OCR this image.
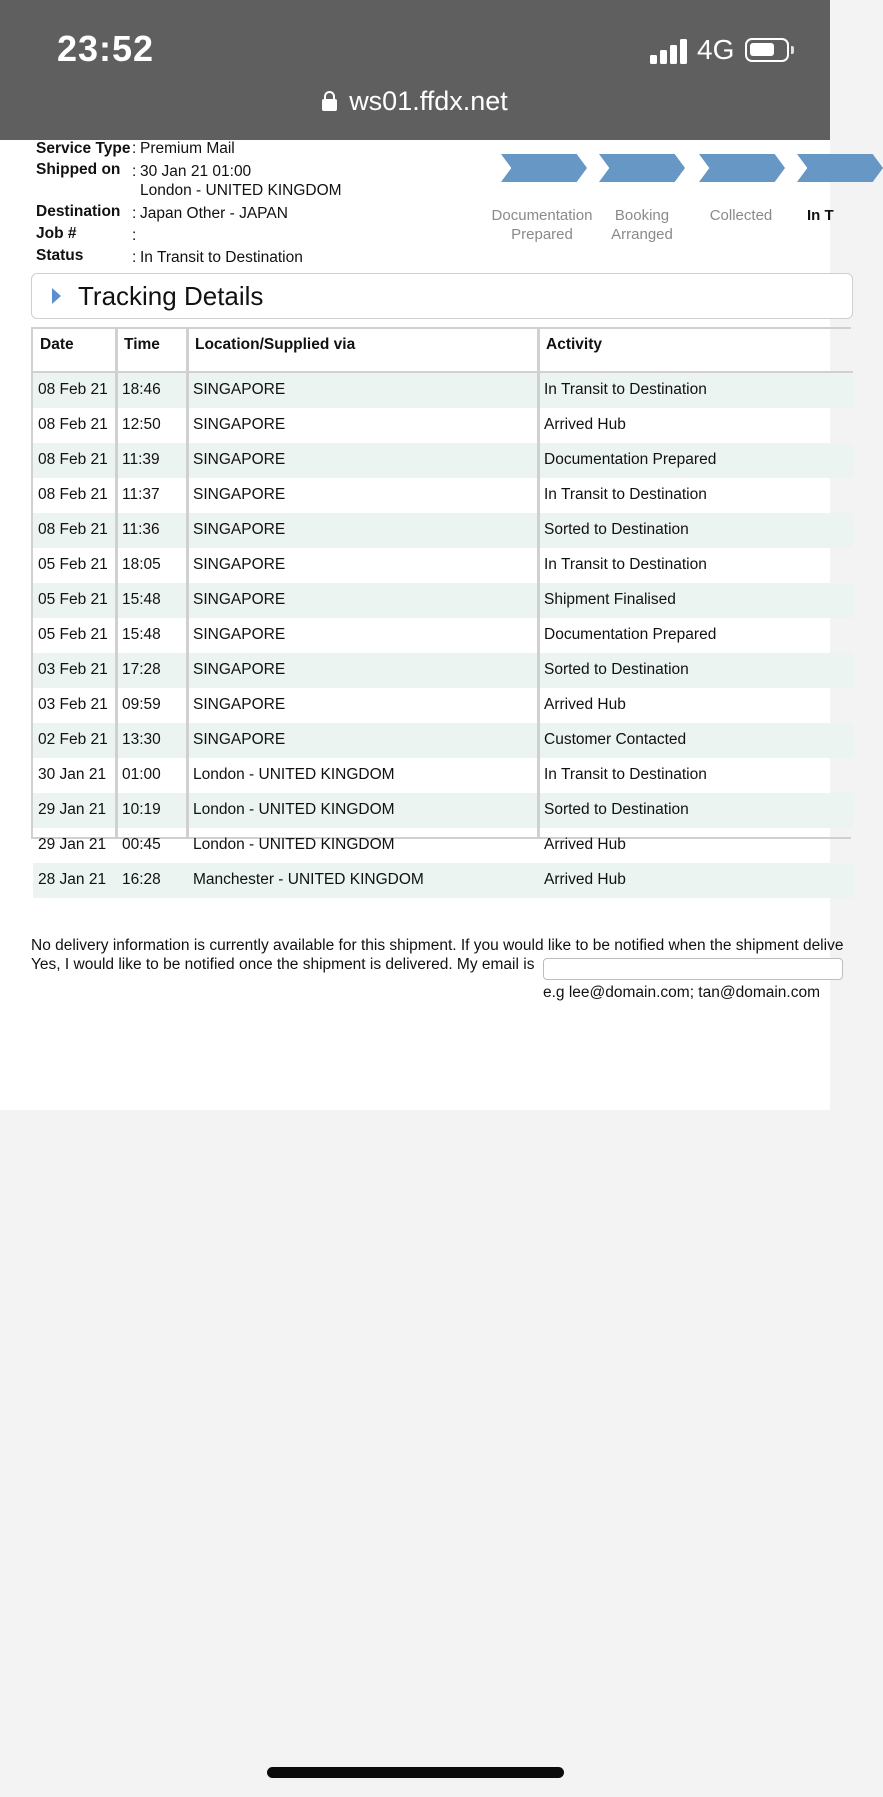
23:52	4G
ws01.ffdx.net
Service Type : Premium Mail
Shipped on : 30 Jan 21 01:00
London - UNITED KINGDOM
Destination : Japan Other - JAPAN
Job #	:
Status	: In Transit to Destination
Documentation
Prepared
Booking
Arranged
Collected	In T
Tracking Details
Date	Time	Location/Supplied via	Activity
08 Feb 21 18:46 SINGAPORE	In Transit to Destination
08 Feb 21 12:50 SINGAPORE	Arrived Hub
08 Feb 21 11:39 SINGAPORE	Documentation Prepared
08 Feb 21 11:37 SINGAPORE	In Transit to Destination
08 Feb 21 11:36 SINGAPORE	Sorted to Destination
05 Feb 21 18:05 SINGAPORE	In Transit to Destination
05 Feb 21 15:48 SINGAPORE	Shipment Finalised
05 Feb 21 15:48 SINGAPORE	Documentation Prepared
03 Feb 21 17:28 SINGAPORE	Sorted to Destination
03 Feb 21 09:59 SINGAPORE	Arrived Hub
02 Feb 21 13:30 SINGAPORE	Customer Contacted
30 Jan 21 01:00 London - UNITED KINGDOM	In Transit to Destination
29 Jan 21 10:19 London - UNITED KINGDOM	Sorted to Destination
29 Jan 21 00:45 London - UNITED KINGDOM	Arrived Hub
28 Jan 21 16:28 Manchester - UNITED KINGDOM	Arrived Hub
No delivery information is currently available for this shipment. If you would like to be notified when the shipment delive
Yes, I would like to be notified once the shipment is delivered. My email is
e.g lee@domain.com; tan@domain.com
